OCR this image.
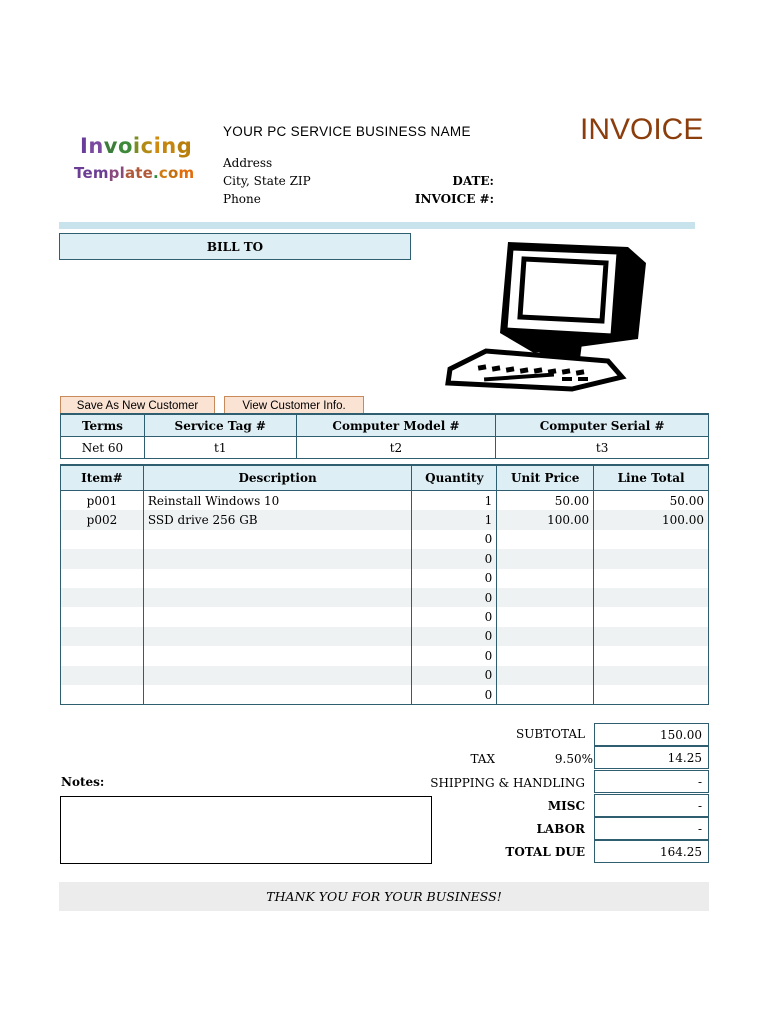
Invoicing
Template.com
YOUR PC SERVICE BUSINESS NAME
Address
City, State ZIP
Phone
DATE:
INVOICE #:
INVOICE
BILL TO
Save As New Customer	View Customer Info.
Terms	Service Tag #	Computer Model #	Computer Serial #
Net 60	t1	t2	t3
Item#	Description	Quantity	Unit Price	Line Total
p001	Reinstall Windows 10	1	50.00	50.00
p002	SSD drive 256 GB	1	100.00	100.00
		0		
		0		
		0		
		0		
		0		
		0		
		0		
		0		
		0		
SUBTOTAL	150.00
TAX	9.50%	14.25
SHIPPING & HANDLING	-
MISC	-
LABOR	-
TOTAL DUE	164.25
Notes:
THANK YOU FOR YOUR BUSINESS!
